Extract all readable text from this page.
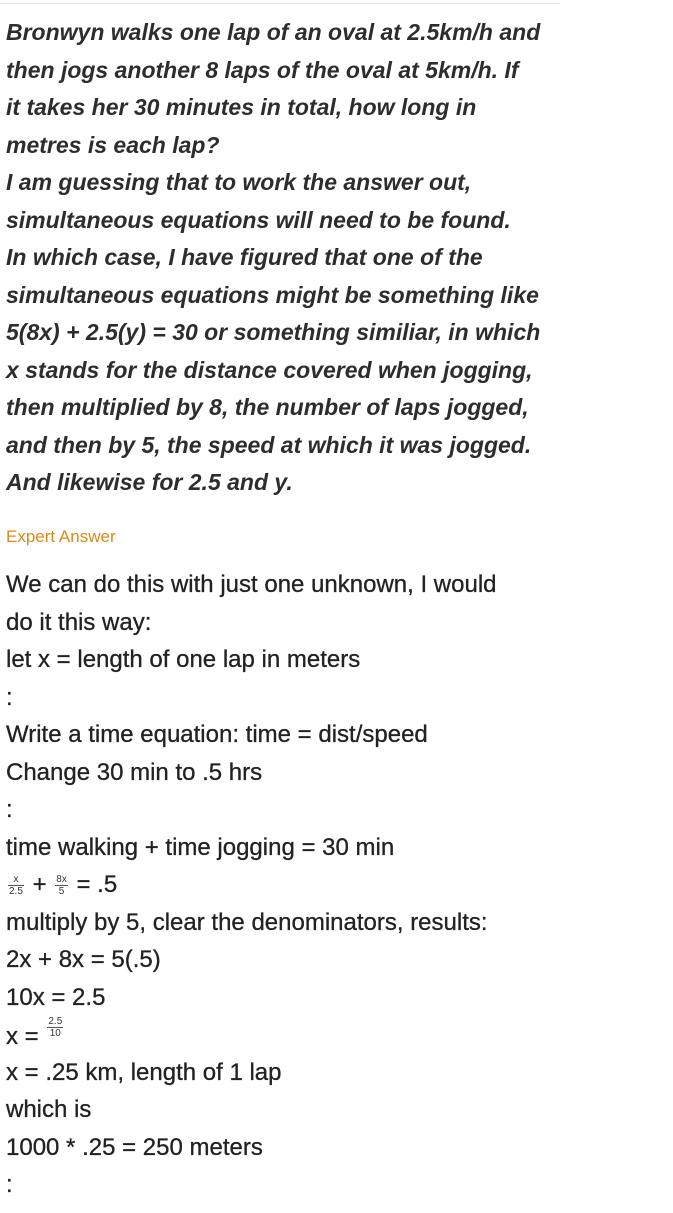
Bronwyn walks one lap of an oval at 2.5km/h and
then jogs another 8 laps of the oval at 5km/h. If
it takes her 30 minutes in total, how long in
metres is each lap?
I am guessing that to work the answer out,
simultaneous equations will need to be found.
In which case, I have figured that one of the
simultaneous equations might be something like
5(8x) + 2.5(y) = 30 or something similiar, in which
x stands for the distance covered when jogging,
then multiplied by 8, the number of laps jogged,
and then by 5, the speed at which it was jogged.
And likewise for 2.5 and y.
Expert Answer
We can do this with just one unknown, I would
do it this way:
let x = length of one lap in meters
:
Write a time equation: time = dist/speed
Change 30 min to .5 hrs
:
time walking + time jogging = 30 min
$\frac{x}{2.5} + \frac{8x}{5} = .5$
multiply by 5, clear the denominators, results:
2x + 8x = 5(.5)
10x = 2.5
$x = \frac{2.5}{10}$
x = .25 km, length of 1 lap
which is
1000 * .25 = 250 meters
:
